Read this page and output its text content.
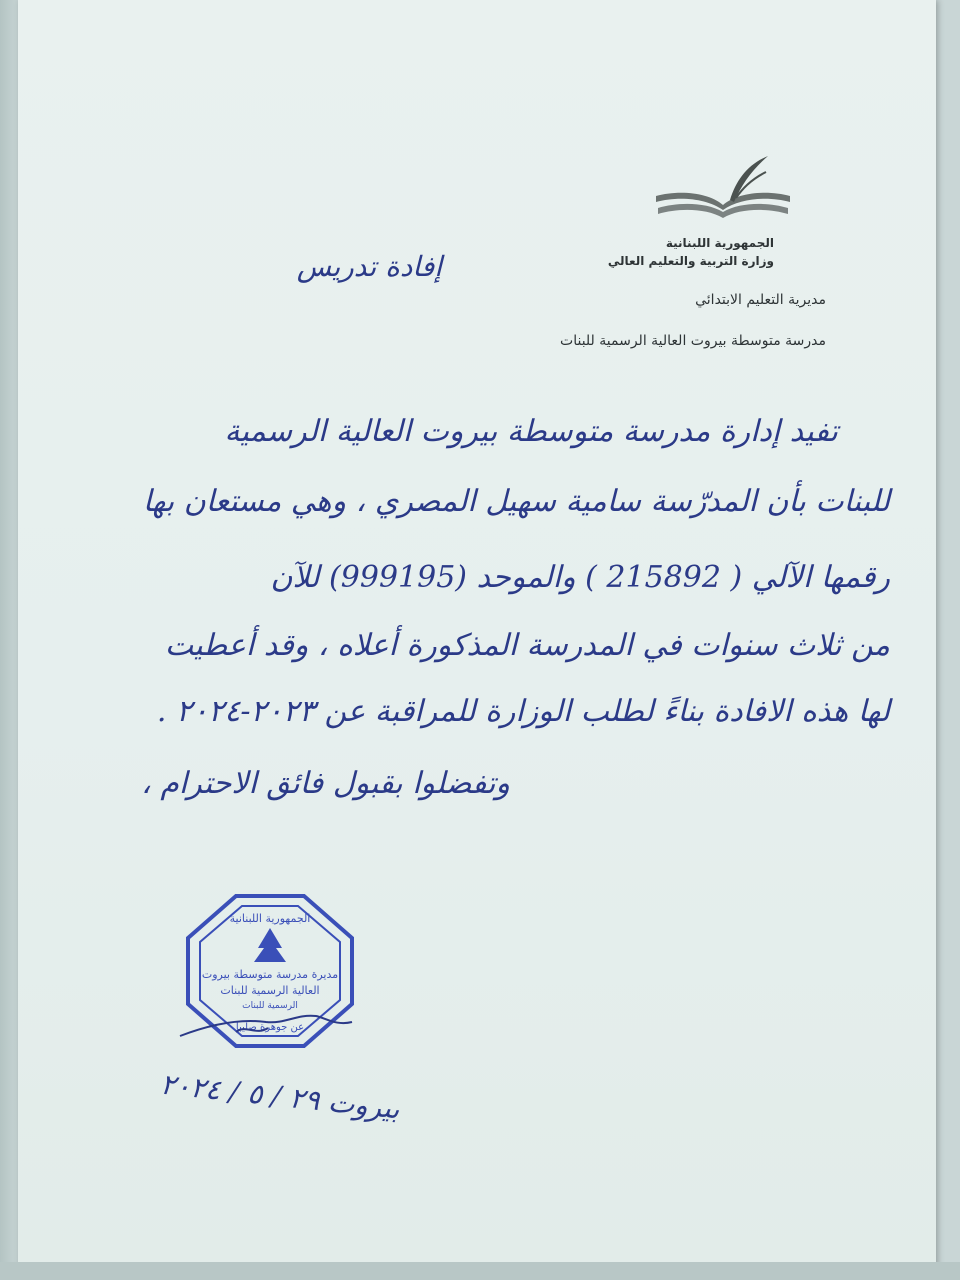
الجمهورية اللبنانية
وزارة التربية والتعليم العالي
مديرية التعليم الابتدائي
مدرسة متوسطة بيروت العالية الرسمية للبنات
إفادة تدريس
تفيد إدارة مدرسة متوسطة بيروت العالية الرسمية
للبنات بأن المدرّسة سامية سهيل المصري ، وهي مستعان بها
رقمها الآلي ( 215892 ) والموحد (999195) للآن
من ثلاث سنوات في المدرسة المذكورة أعلاه ، وقد أعطيت
لها هذه الافادة بناءً لطلب الوزارة للمراقبة عن ٢٠٢٣-٢٠٢٤ .
وتفضلوا بقبول فائق الاحترام ،
الجمهورية اللبنانية
مديرة مدرسة متوسطة بيروت
العالية الرسمية للبنات
الرسمية للبنات
عن جوهرة صليبا
بيروت ٢٩ / ٥ / ٢٠٢٤
